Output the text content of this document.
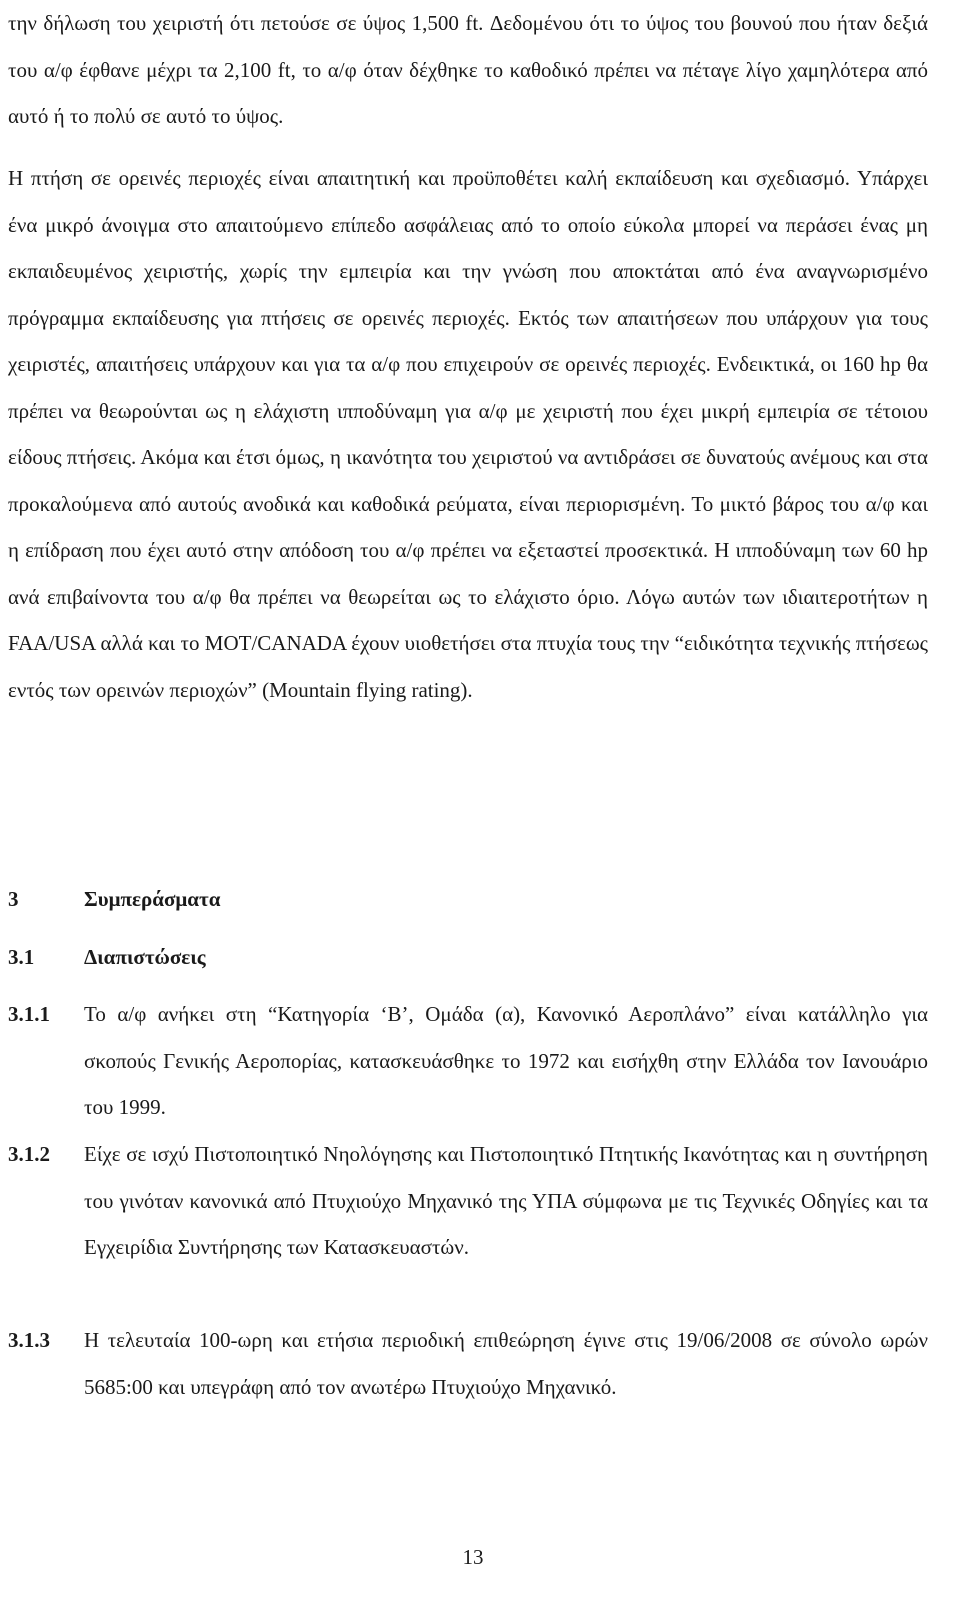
την δήλωση του χειριστή ότι πετούσε σε ύψος 1,500 ft. Δεδομένου ότι το ύψος του βουνού που ήταν δεξιά του α/φ έφθανε μέχρι τα 2,100 ft, το α/φ όταν δέχθηκε το καθοδικό πρέπει να πέταγε λίγο χαμηλότερα από αυτό ή το πολύ σε αυτό το ύψος.

Η πτήση σε ορεινές περιοχές είναι απαιτητική και προϋποθέτει καλή εκπαίδευση και σχεδιασμό. Υπάρχει ένα μικρό άνοιγμα στο απαιτούμενο επίπεδο ασφάλειας από το οποίο εύκολα μπορεί να περάσει ένας μη εκπαιδευμένος χειριστής, χωρίς την εμπειρία και την γνώση που αποκτάται από ένα αναγνωρισμένο πρόγραμμα εκπαίδευσης για πτήσεις σε ορεινές περιοχές. Εκτός των απαιτήσεων που υπάρχουν για τους χειριστές, απαιτήσεις υπάρχουν και για τα α/φ που επιχειρούν σε ορεινές περιοχές. Ενδεικτικά, οι 160 hp θα πρέπει να θεωρούνται ως η ελάχιστη ιπποδύναμη για α/φ με χειριστή που έχει μικρή εμπειρία σε τέτοιου είδους πτήσεις. Ακόμα και έτσι όμως, η ικανότητα του χειριστού να αντιδράσει σε δυνατούς ανέμους και στα προκαλούμενα από αυτούς ανοδικά και καθοδικά ρεύματα, είναι περιορισμένη. Το μικτό βάρος του α/φ και η επίδραση που έχει αυτό στην απόδοση του α/φ πρέπει να εξεταστεί προσεκτικά. Η ιπποδύναμη των 60 hp ανά επιβαίνοντα του α/φ θα πρέπει να θεωρείται ως το ελάχιστο όριο. Λόγω αυτών των ιδιαιτεροτήτων η FAA/USA αλλά και το MOT/CANADA έχουν υιοθετήσει στα πτυχία τους την “ειδικότητα τεχνικής πτήσεως εντός των ορεινών περιοχών” (Mountain flying rating).

3	Συμπεράσματα
3.1 Διαπιστώσεις
3.1.1 Το α/φ ανήκει στη “Κατηγορία ‘Β’, Ομάδα (α), Κανονικό Αεροπλάνο” είναι κατάλληλο για σκοπούς Γενικής Αεροπορίας, κατασκευάσθηκε το 1972 και εισήχθη στην Ελλάδα τον Ιανουάριο του 1999.

3.1.2 Είχε σε ισχύ Πιστοποιητικό Νηολόγησης και Πιστοποιητικό Πτητικής Ικανότητας και η συντήρηση του γινόταν κανονικά από Πτυχιούχο Μηχανικό της ΥΠΑ σύμφωνα με τις Τεχνικές Οδηγίες και τα Εγχειρίδια Συντήρησης των Κατασκευαστών.

3.1.3 Η τελευταία 100-ωρη και ετήσια περιοδική επιθεώρηση έγινε στις 19/06/2008 σε σύνολο ωρών 5685:00 και υπεγράφη από τον ανωτέρω Πτυχιούχο Μηχανικό.

13
